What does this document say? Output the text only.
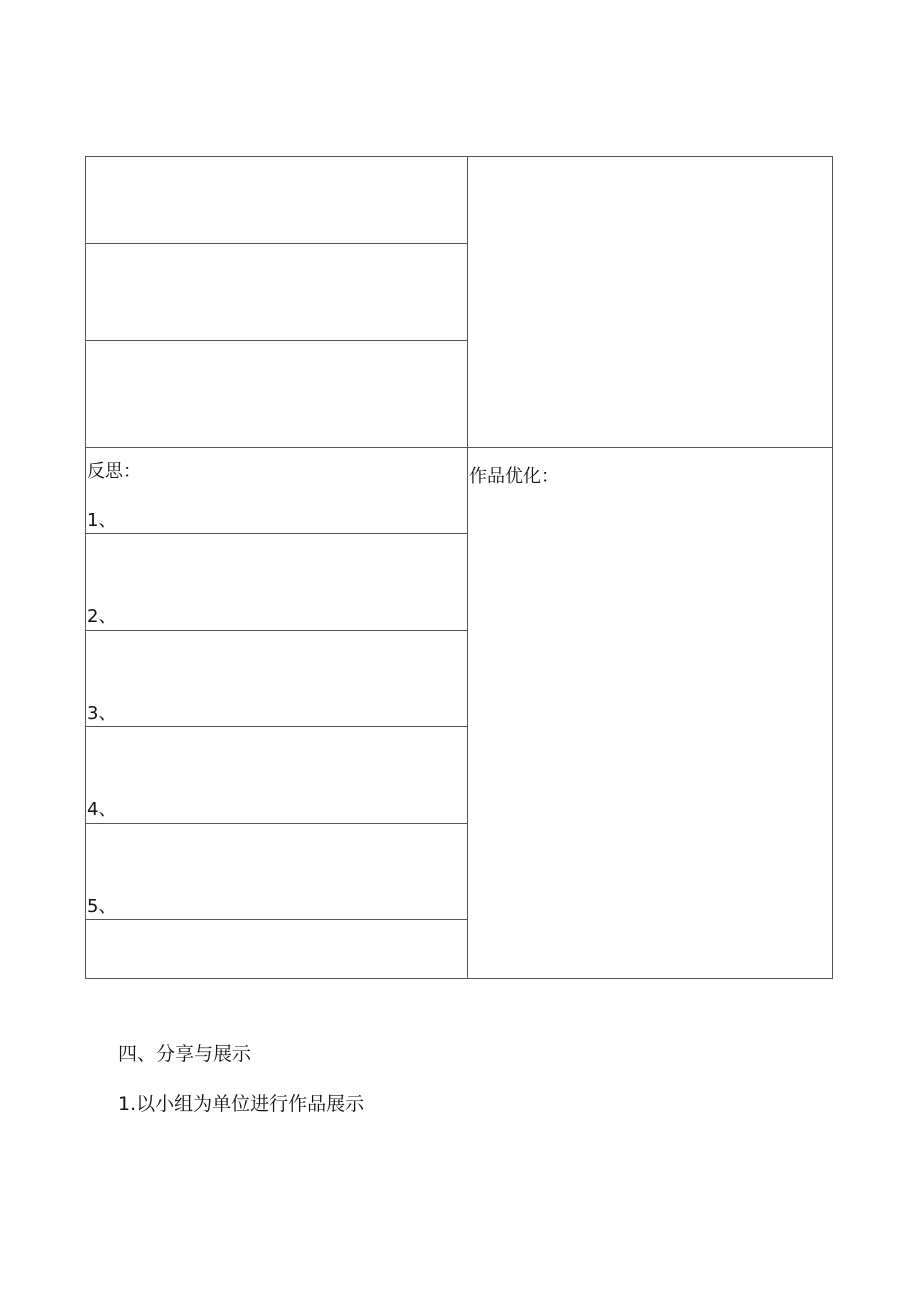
反思：	作品优化：
1、
2、
3、
4、
5、
四、分享与展示
1.以小组为单位进行作品展示
